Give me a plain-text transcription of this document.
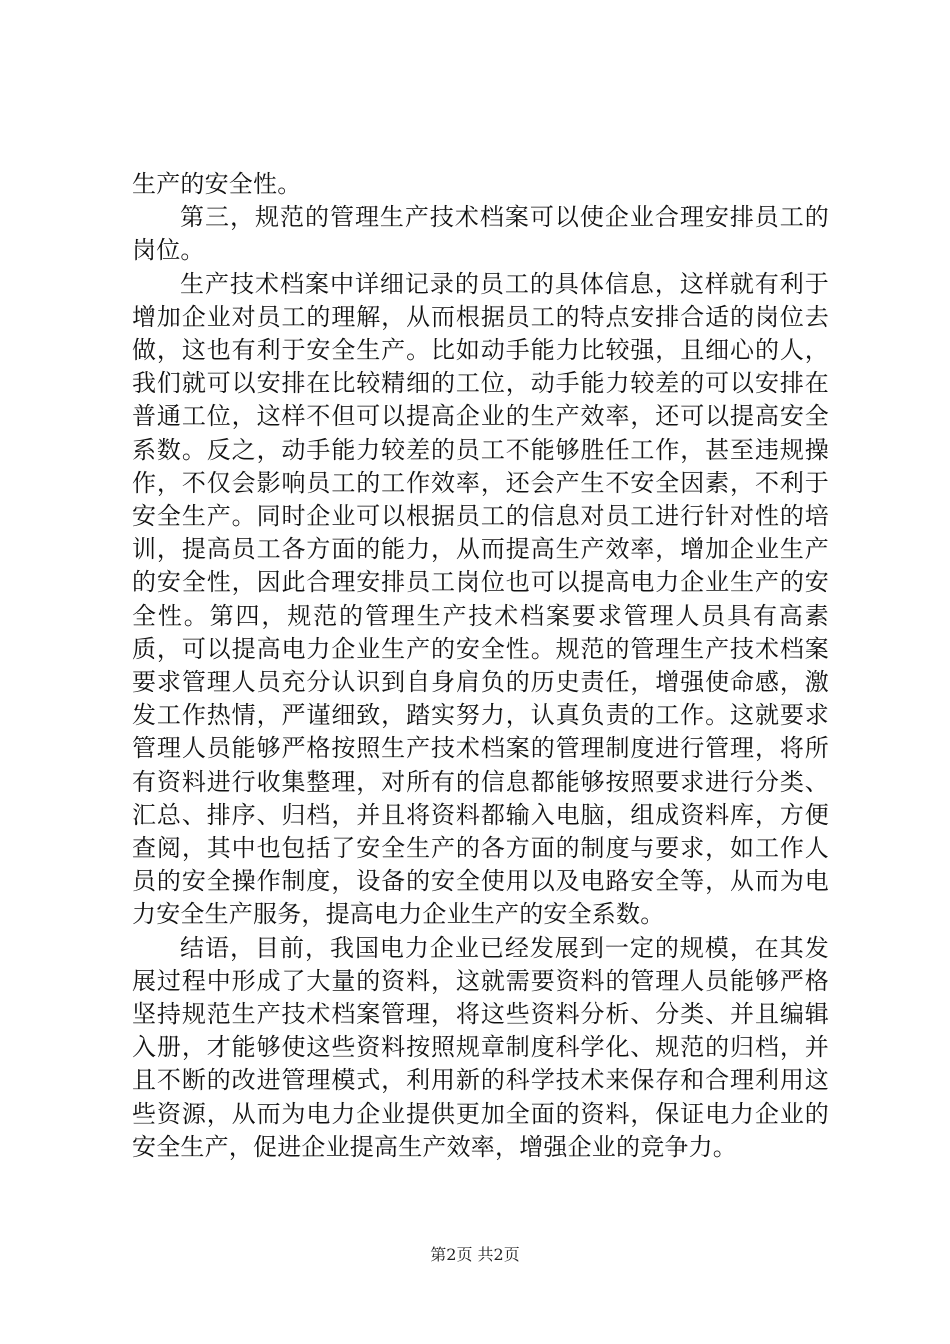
生产的安全性。

第三，规范的管理生产技术档案可以使企业合理安排员工的岗位。

生产技术档案中详细记录的员工的具体信息，这样就有利于增加企业对员工的理解，从而根据员工的特点安排合适的岗位去做，这也有利于安全生产。比如动手能力比较强，且细心的人，我们就可以安排在比较精细的工位，动手能力较差的可以安排在普通工位，这样不但可以提高企业的生产效率，还可以提高安全系数。反之，动手能力较差的员工不能够胜任工作，甚至违规操作，不仅会影响员工的工作效率，还会产生不安全因素，不利于安全生产。同时企业可以根据员工的信息对员工进行针对性的培训，提高员工各方面的能力，从而提高生产效率，增加企业生产的安全性，因此合理安排员工岗位也可以提高电力企业生产的安全性。第四，规范的管理生产技术档案要求管理人员具有高素质，可以提高电力企业生产的安全性。规范的管理生产技术档案要求管理人员充分认识到自身肩负的历史责任，增强使命感，激发工作热情，严谨细致，踏实努力，认真负责的工作。这就要求管理人员能够严格按照生产技术档案的管理制度进行管理，将所有资料进行收集整理，对所有的信息都能够按照要求进行分类、汇总、排序、归档，并且将资料都输入电脑，组成资料库，方便查阅，其中也包括了安全生产的各方面的制度与要求，如工作人员的安全操作制度，设备的安全使用以及电路安全等，从而为电力安全生产服务，提高电力企业生产的安全系数。

结语，目前，我国电力企业已经发展到一定的规模，在其发展过程中形成了大量的资料，这就需要资料的管理人员能够严格坚持规范生产技术档案管理，将这些资料分析、分类、并且编辑入册，才能够使这些资料按照规章制度科学化、规范的归档，并且不断的改进管理模式，利用新的科学技术来保存和合理利用这些资源，从而为电力企业提供更加全面的资料，保证电力企业的安全生产，促进企业提高生产效率，增强企业的竞争力。

第2页 共2页
